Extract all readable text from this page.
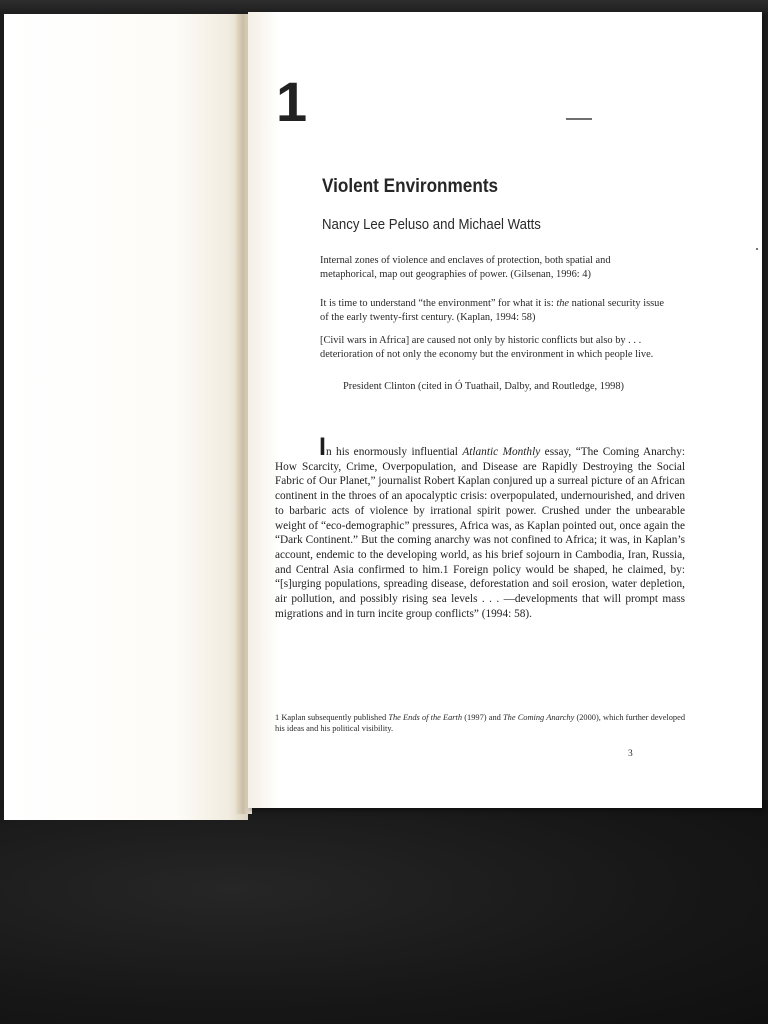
1
Violent Environments
Nancy Lee Peluso and Michael Watts
Internal zones of violence and enclaves of protection, both spatial and metaphorical, map out geographies of power. (Gilsenan, 1996: 4)
It is time to understand “the environment” for what it is: the national security issue of the early twenty-first century. (Kaplan, 1994: 58)
[Civil wars in Africa] are caused not only by historic conflicts but also by . . . deterioration of not only the economy but the environment in which people live.
President Clinton (cited in Ó Tuathail, Dalby, and Routledge, 1998)
In his enormously influential Atlantic Monthly essay, “The Coming Anarchy: How Scarcity, Crime, Overpopulation, and Disease are Rapidly Destroying the Social Fabric of Our Planet,” journalist Robert Kaplan conjured up a surreal picture of an African continent in the throes of an apocalyptic crisis: overpopulated, undernourished, and driven to barbaric acts of violence by irrational spirit power. Crushed under the unbearable weight of “eco-demographic” pressures, Africa was, as Kaplan pointed out, once again the “Dark Continent.” But the coming anarchy was not confined to Africa; it was, in Kaplan’s account, endemic to the developing world, as his brief sojourn in Cambodia, Iran, Russia, and Central Asia confirmed to him.1 Foreign policy would be shaped, he claimed, by: “[s]urging populations, spreading disease, deforestation and soil erosion, water depletion, air pollution, and possibly rising sea levels . . . —developments that will prompt mass migrations and in turn incite group conflicts” (1994: 58).
1 Kaplan subsequently published The Ends of the Earth (1997) and The Coming Anarchy (2000), which further developed his ideas and his political visibility.
3
